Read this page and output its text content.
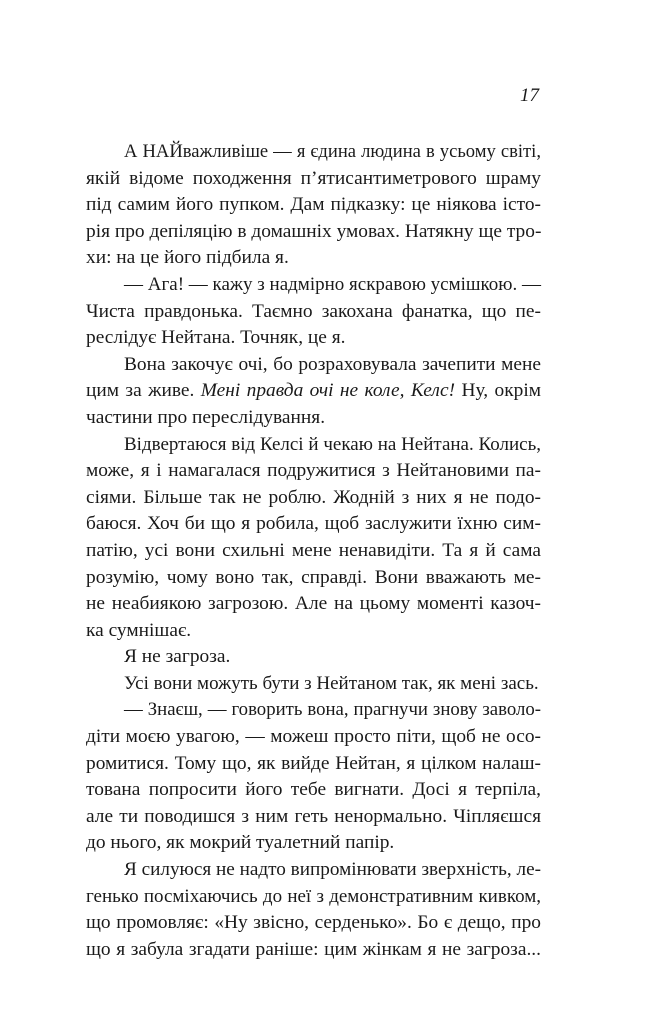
17

А НАЙважливіше — я єдина людина в усьому світі,
якій відоме походження п’ятисантиметрового шраму
під самим його пупком. Дам підказку: це ніякова істо-
рія про депіляцію в домашніх умовах. Натякну ще тро-
хи: на це його підбила я.

— Ага! — кажу з надмірно яскравою усмішкою. —
Чиста правдонька. Таємно закохана фанатка, що пе-
реслідує Нейтана. Точняк, це я.

Вона закочує очі, бо розраховувала зачепити мене
цим за живе. Мені правда очі не коле, Келс! Ну, окрім
частини про переслідування.

Відвертаюся від Келсі й чекаю на Нейтана. Колись,
може, я і намагалася подружитися з Нейтановими па-
сіями. Більше так не роблю. Жодній з них я не подо-
баюся. Хоч би що я робила, щоб заслужити їхню сим-
патію, усі вони схильні мене ненавидіти. Та я й сама
розумію, чому воно так, справді. Вони вважають ме-
не неабиякою загрозою. Але на цьому моменті казоч-
ка сумнішає.

Я не загроза.

Усі вони можуть бути з Нейтаном так, як мені зась.

— Знаєш, — говорить вона, прагнучи знову заволо-
діти моєю увагою, — можеш просто піти, щоб не осо-
ромитися. Тому що, як вийде Нейтан, я цілком налаш-
тована попросити його тебе вигнати. Досі я терпіла,
але ти поводишся з ним геть ненормально. Чіпляєшся
до нього, як мокрий туалетний папір.

Я силуюся не надто випромінювати зверхність, ле-
генько посміхаючись до неї з демонстративним кивком,
що промовляє: «Ну звісно, серденько». Бо є дещо, про
що я забула згадати раніше: цим жінкам я не загроза...
